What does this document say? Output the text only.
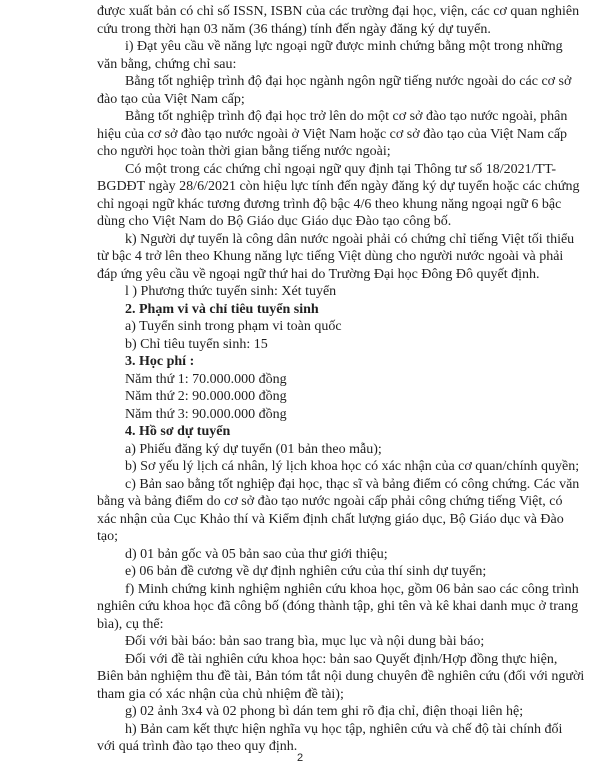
được xuất bản có chỉ số ISSN, ISBN của các trường đại học, viện, các cơ quan nghiên
cứu trong thời hạn 03 năm (36 tháng) tính đến ngày đăng ký dự tuyển.
i) Đạt yêu cầu về năng lực ngoại ngữ được minh chứng bằng một trong những
văn bằng, chứng chỉ sau:
Bằng tốt nghiệp trình độ đại học ngành ngôn ngữ tiếng nước ngoài do các cơ sở
đào tạo của Việt Nam cấp;
Bằng tốt nghiệp trình độ đại học trở lên do một cơ sở đào tạo nước ngoài, phân
hiệu của cơ sở đào tạo nước ngoài ở Việt Nam hoặc cơ sở đào tạo của Việt Nam cấp
cho người học toàn thời gian bằng tiếng nước ngoài;
Có một trong các chứng chỉ ngoại ngữ quy định tại Thông tư số 18/2021/TT-
BGDĐT ngày 28/6/2021 còn hiệu lực tính đến ngày đăng ký dự tuyển hoặc các chứng
chỉ ngoại ngữ khác tương đương trình độ bậc 4/6 theo khung năng ngoại ngữ 6 bậc
dùng cho Việt Nam do Bộ Giáo dục Giáo dục Đào tạo công bố.
k) Người dự tuyển là công dân nước ngoài phải có chứng chỉ tiếng Việt tối thiểu
từ bậc 4 trở lên theo Khung năng lực tiếng Việt dùng cho người nước ngoài và phải
đáp ứng yêu cầu về ngoại ngữ thứ hai do Trường Đại học Đông Đô quyết định.
l ) Phương thức tuyển sinh: Xét tuyển
2. Phạm vi và chỉ tiêu tuyển sinh
a) Tuyển sinh trong phạm vi toàn quốc
b) Chỉ tiêu tuyển sinh: 15
3. Học phí :
Năm thứ 1: 70.000.000 đồng
Năm thứ 2: 90.000.000 đồng
Năm thứ 3: 90.000.000 đồng
4. Hồ sơ dự tuyển
a) Phiếu đăng ký dự tuyển (01 bản theo mẫu);
b) Sơ yếu lý lịch cá nhân, lý lịch khoa học có xác nhận của cơ quan/chính quyền;
c) Bản sao bằng tốt nghiệp đại học, thạc sĩ và bảng điểm có công chứng. Các văn
bằng và bảng điểm do cơ sở đào tạo nước ngoài cấp phải công chứng tiếng Việt, có
xác nhận của Cục Khảo thí và Kiểm định chất lượng giáo dục, Bộ Giáo dục và Đào
tạo;
d) 01 bản gốc và 05 bản sao của thư giới thiệu;
e) 06 bản đề cương về dự định nghiên cứu của thí sinh dự tuyển;
f) Minh chứng kinh nghiệm nghiên cứu khoa học, gồm 06 bản sao các công trình
nghiên cứu khoa học đã công bố (đóng thành tập, ghi tên và kê khai danh mục ở trang
bìa), cụ thể:
Đối với bài báo: bản sao trang bìa, mục lục và nội dung bài báo;
Đối với đề tài nghiên cứu khoa học: bản sao Quyết định/Hợp đồng thực hiện,
Biên bản nghiệm thu đề tài, Bản tóm tắt nội dung chuyên đề nghiên cứu (đối với người
tham gia có xác nhận của chủ nhiệm đề tài);
g) 02 ảnh 3x4 và 02 phong bì dán tem ghi rõ địa chỉ, điện thoại liên hệ;
h) Bản cam kết thực hiện nghĩa vụ học tập, nghiên cứu và chế độ tài chính đối
với quá trình đào tạo theo quy định.
2
